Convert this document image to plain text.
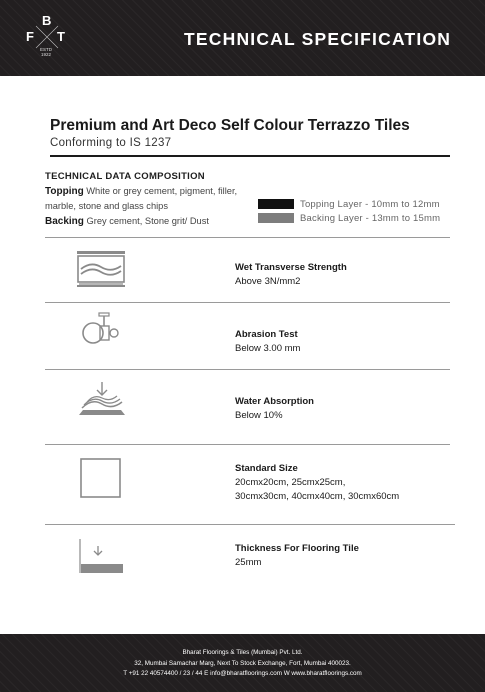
B
F T
ESTD
1922
TECHNICAL SPECIFICATION
Premium and Art Deco Self Colour Terrazzo Tiles
Conforming to IS 1237
TECHNICAL DATA COMPOSITION
Topping White or grey cement, pigment, filler, marble, stone and glass chips
Backing Grey cement, Stone grit/ Dust
Topping Layer - 10mm to 12mm
Backing Layer - 13mm to 15mm
Wet Transverse Strength
Above 3N/mm2
Abrasion Test
Below 3.00 mm
Water Absorption
Below 10%
Standard Size
20cmx20cm, 25cmx25cm,
30cmx30cm, 40cmx40cm, 30cmx60cm
Thickness For Flooring Tile
25mm
Bharat Floorings & Tiles (Mumbai) Pvt. Ltd.
32, Mumbai Samachar Marg, Next To Stock Exchange, Fort, Mumbai 400023.
T +91 22 40574400 / 23 / 44 E info@bharatfloorings.com W www.bharatfloorings.com
